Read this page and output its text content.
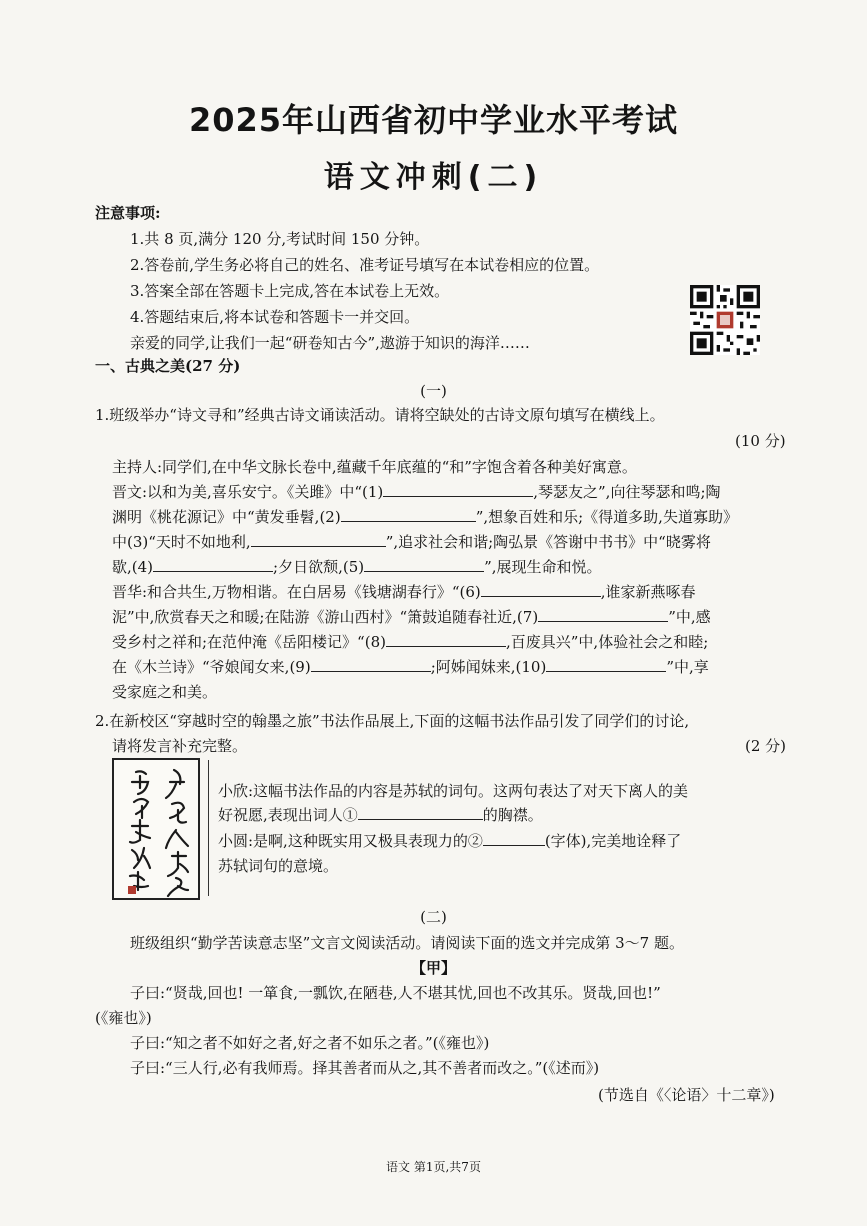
2025年山西省初中学业水平考试
语文冲刺(二)
注意事项:
1.共 8 页,满分 120 分,考试时间 150 分钟。
2.答卷前,学生务必将自己的姓名、准考证号填写在本试卷相应的位置。
3.答案全部在答题卡上完成,答在本试卷上无效。
4.答题结束后,将本试卷和答题卡一并交回。
亲爱的同学,让我们一起“研卷知古今”,遨游于知识的海洋……
一、古典之美(27 分)
(一)
1.班级举办“诗文寻和”经典古诗文诵读活动。请将空缺处的古诗文原句填写在横线上。
(10 分)
主持人:同学们,在中华文脉长卷中,蕴藏千年底蕴的“和”字饱含着各种美好寓意。
晋文:以和为美,喜乐安宁。《关雎》中“(1)	,琴瑟友之”,向往琴瑟和鸣;陶
渊明《桃花源记》中“黄发垂髫,(2)	”,想象百姓和乐;《得道多助,失道寡助》
中(3)“天时不如地利,	”,追求社会和谐;陶弘景《答谢中书书》中“晓雾将
歇,(4)	;夕日欲颓,(5)	”,展现生命和悦。
晋华:和合共生,万物相谐。在白居易《钱塘湖春行》“(6)	,谁家新燕啄春
泥”中,欣赏春天之和暖;在陆游《游山西村》“箫鼓追随春社近,(7)	”中,感
受乡村之祥和;在范仲淹《岳阳楼记》“(8)	,百废具兴”中,体验社会之和睦;
在《木兰诗》“爷娘闻女来,(9)	;阿姊闻妹来,(10)	”中,享
受家庭之和美。
2.在新校区“穿越时空的翰墨之旅”书法作品展上,下面的这幅书法作品引发了同学们的讨论,
请将发言补充完整。	(2 分)
小欣:这幅书法作品的内容是苏轼的词句。这两句表达了对天下离人的美
好祝愿,表现出词人①	的胸襟。
小圆:是啊,这种既实用又极具表现力的②	(字体),完美地诠释了
苏轼词句的意境。
(二)
班级组织“勤学苦读意志坚”文言文阅读活动。请阅读下面的选文并完成第 3～7 题。
【甲】
子曰:“贤哉,回也! 一箪食,一瓢饮,在陋巷,人不堪其忧,回也不改其乐。贤哉,回也!”
(《雍也》)
子曰:“知之者不如好之者,好之者不如乐之者。”(《雍也》)
子曰:“三人行,必有我师焉。择其善者而从之,其不善者而改之。”(《述而》)
(节选自《〈论语〉十二章》)
语文 第1页,共7页
